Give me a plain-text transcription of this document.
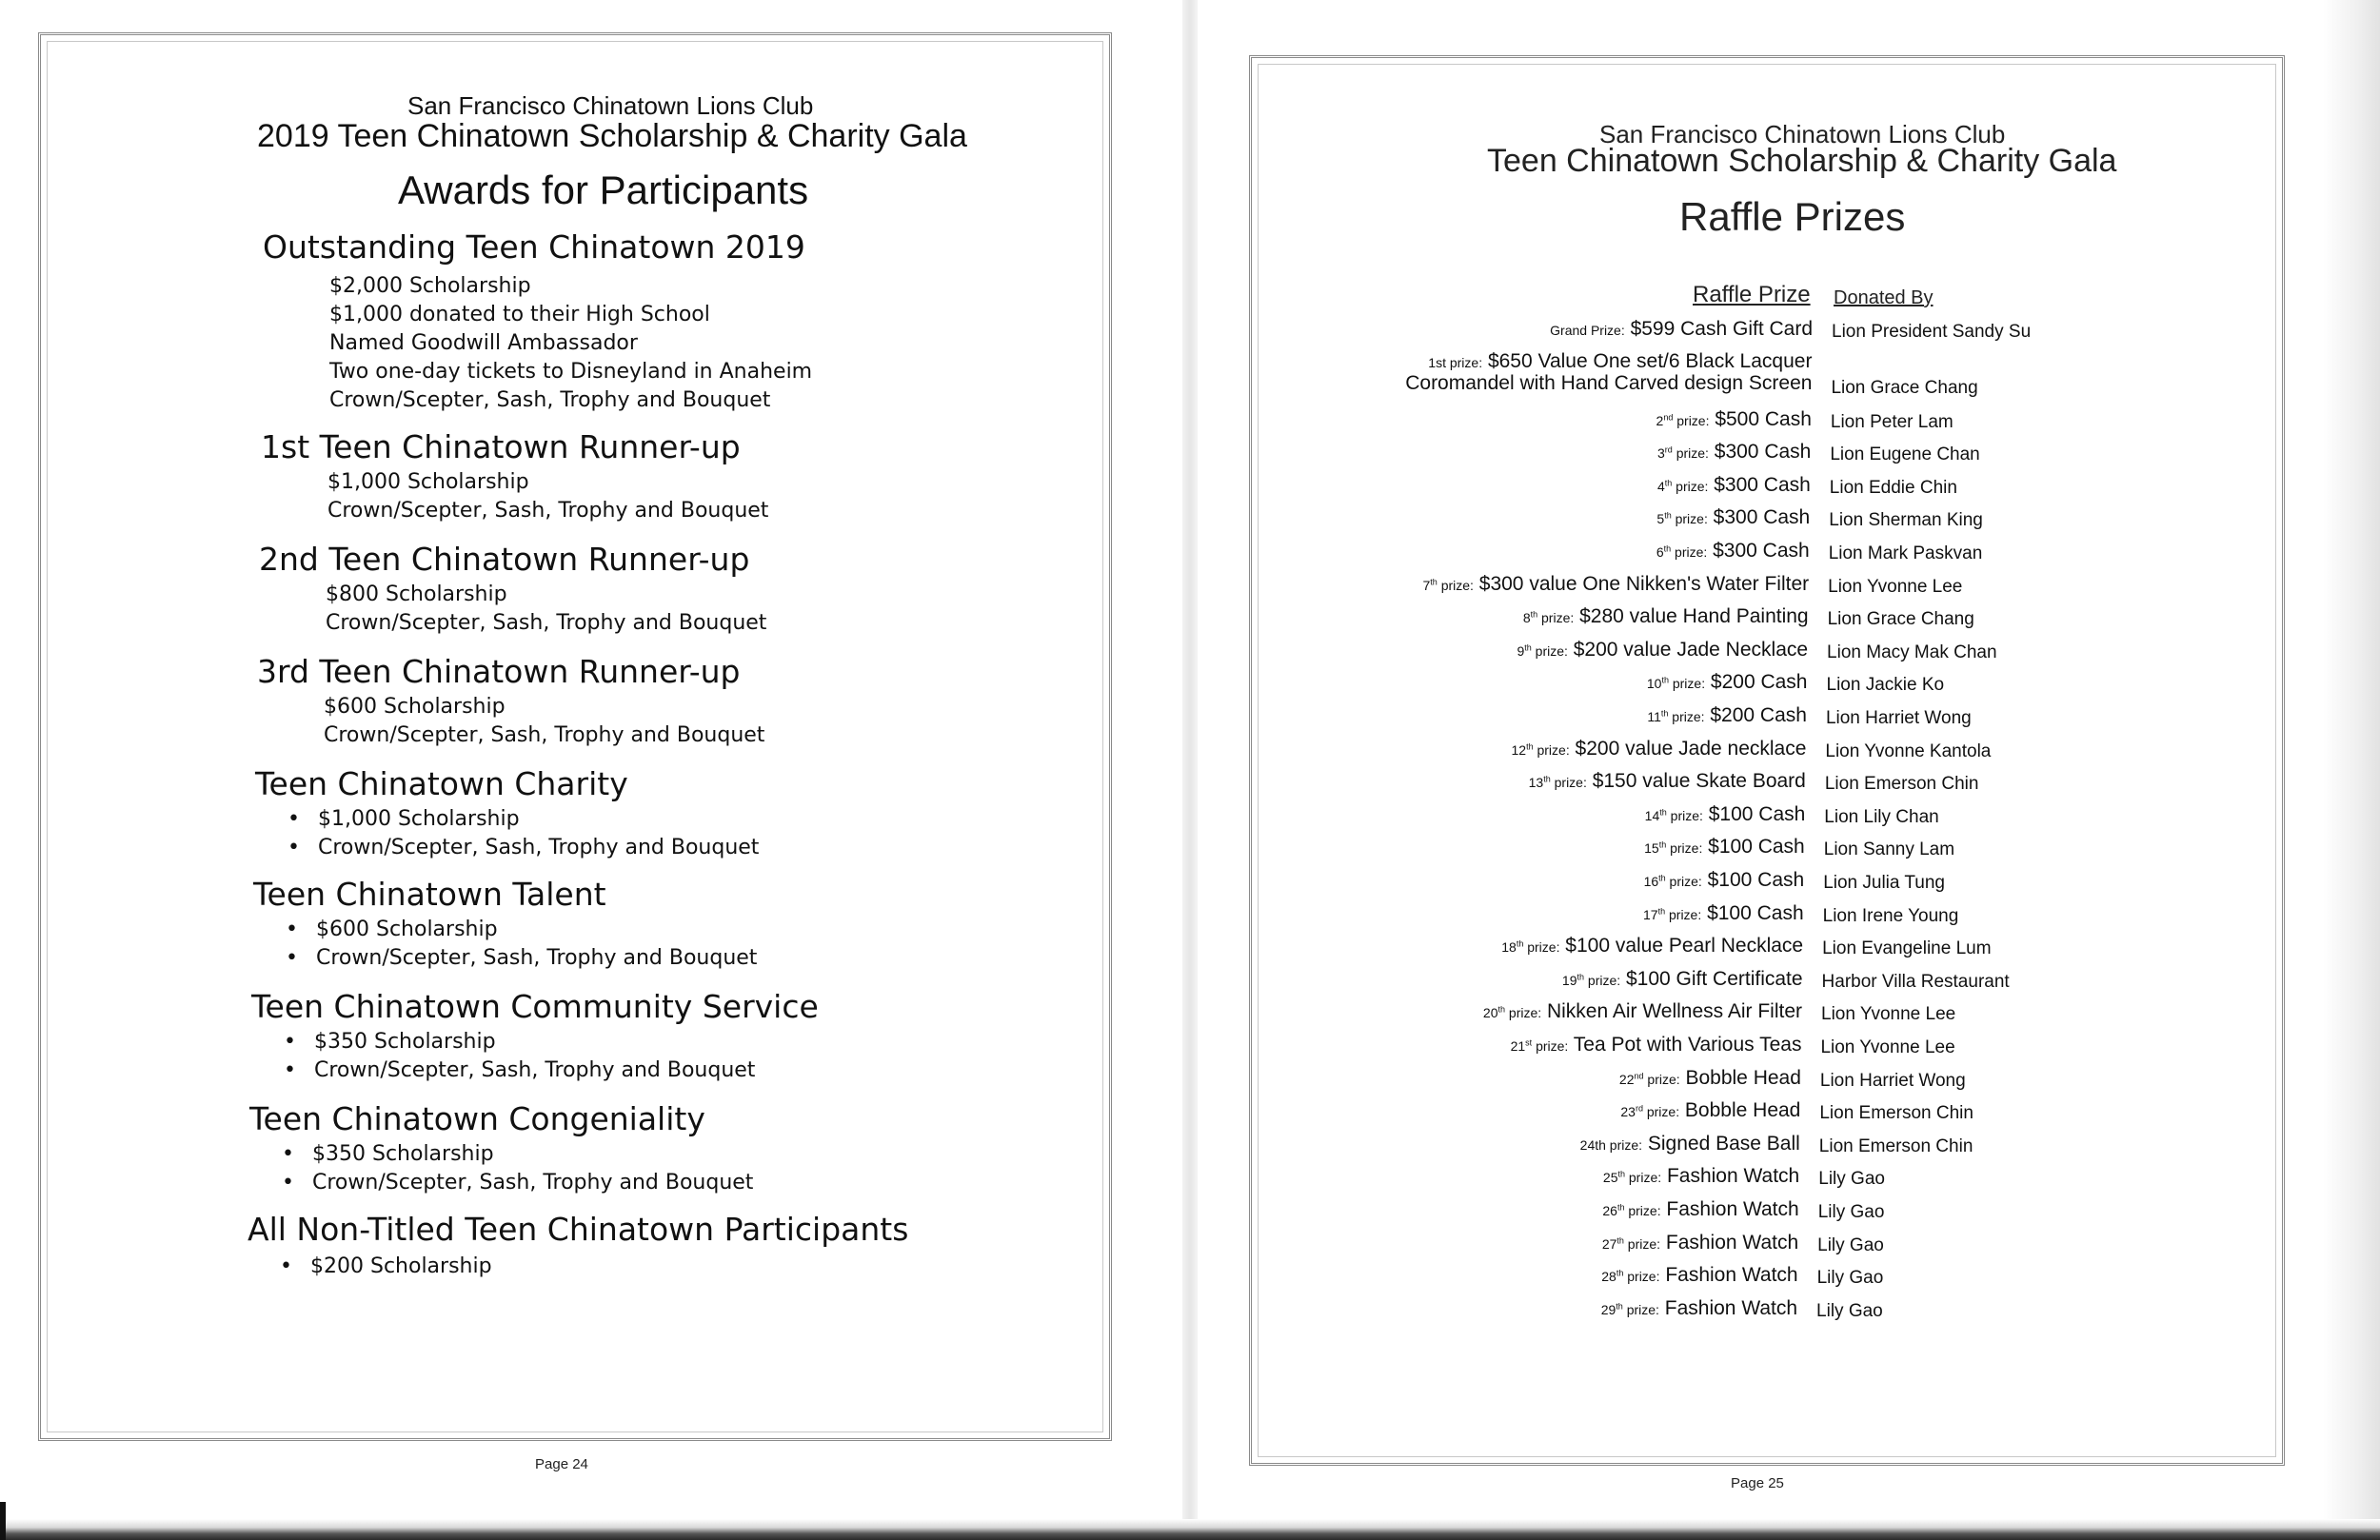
San Francisco Chinatown Lions Club
2019 Teen Chinatown Scholarship & Charity Gala
Awards for Participants
Outstanding Teen Chinatown 2019
$2,000 Scholarship
$1,000 donated to their High School
Named Goodwill Ambassador
Two one-day tickets to Disneyland in Anaheim
Crown/Scepter, Sash, Trophy and Bouquet
1st Teen Chinatown Runner-up
$1,000 Scholarship
Crown/Scepter, Sash, Trophy and Bouquet
2nd Teen Chinatown Runner-up
$800 Scholarship
Crown/Scepter, Sash, Trophy and Bouquet
3rd Teen Chinatown Runner-up
$600 Scholarship
Crown/Scepter, Sash, Trophy and Bouquet
Teen Chinatown Charity
• $1,000 Scholarship
• Crown/Scepter, Sash, Trophy and Bouquet
Teen Chinatown Talent
• $600 Scholarship
• Crown/Scepter, Sash, Trophy and Bouquet
Teen Chinatown Community Service
• $350 Scholarship
• Crown/Scepter, Sash, Trophy and Bouquet
Teen Chinatown Congeniality
• $350 Scholarship
• Crown/Scepter, Sash, Trophy and Bouquet
All Non-Titled Teen Chinatown Participants
• $200 Scholarship
Page 24
San Francisco Chinatown Lions Club
Teen Chinatown Scholarship & Charity Gala
Raffle Prizes
Raffle Prize Donated By
Grand Prize: $599 Cash Gift Card Lion President Sandy Su
1st prize: $650 Value One set/6 Black Lacquer
Coromandel with Hand Carved design Screen Lion Grace Chang
2nd prize: $500 Cash Lion Peter Lam
3rd prize: $300 Cash Lion Eugene Chan
4th prize: $300 Cash Lion Eddie Chin
5th prize: $300 Cash Lion Sherman King
6th prize: $300 Cash Lion Mark Paskvan
7th prize: $300 value One Nikken's Water Filter Lion Yvonne Lee
8th prize: $280 value Hand Painting Lion Grace Chang
9th prize: $200 value Jade Necklace Lion Macy Mak Chan
10th prize: $200 Cash Lion Jackie Ko
11th prize: $200 Cash Lion Harriet Wong
12th prize: $200 value Jade necklace Lion Yvonne Kantola
13th prize: $150 value Skate Board Lion Emerson Chin
14th prize: $100 Cash Lion Lily Chan
15th prize: $100 Cash Lion Sanny Lam
16th prize: $100 Cash Lion Julia Tung
17th prize: $100 Cash Lion Irene Young
18th prize: $100 value Pearl Necklace Lion Evangeline Lum
19th prize: $100 Gift Certificate Harbor Villa Restaurant
20th prize: Nikken Air Wellness Air Filter Lion Yvonne Lee
21st prize: Tea Pot with Various Teas Lion Yvonne Lee
22nd prize: Bobble Head Lion Harriet Wong
23rd prize: Bobble Head Lion Emerson Chin
24th prize: Signed Base Ball Lion Emerson Chin
25th prize: Fashion Watch Lily Gao
26th prize: Fashion Watch Lily Gao
27th prize: Fashion Watch Lily Gao
28th prize: Fashion Watch Lily Gao
29th prize: Fashion Watch Lily Gao
Page 25
